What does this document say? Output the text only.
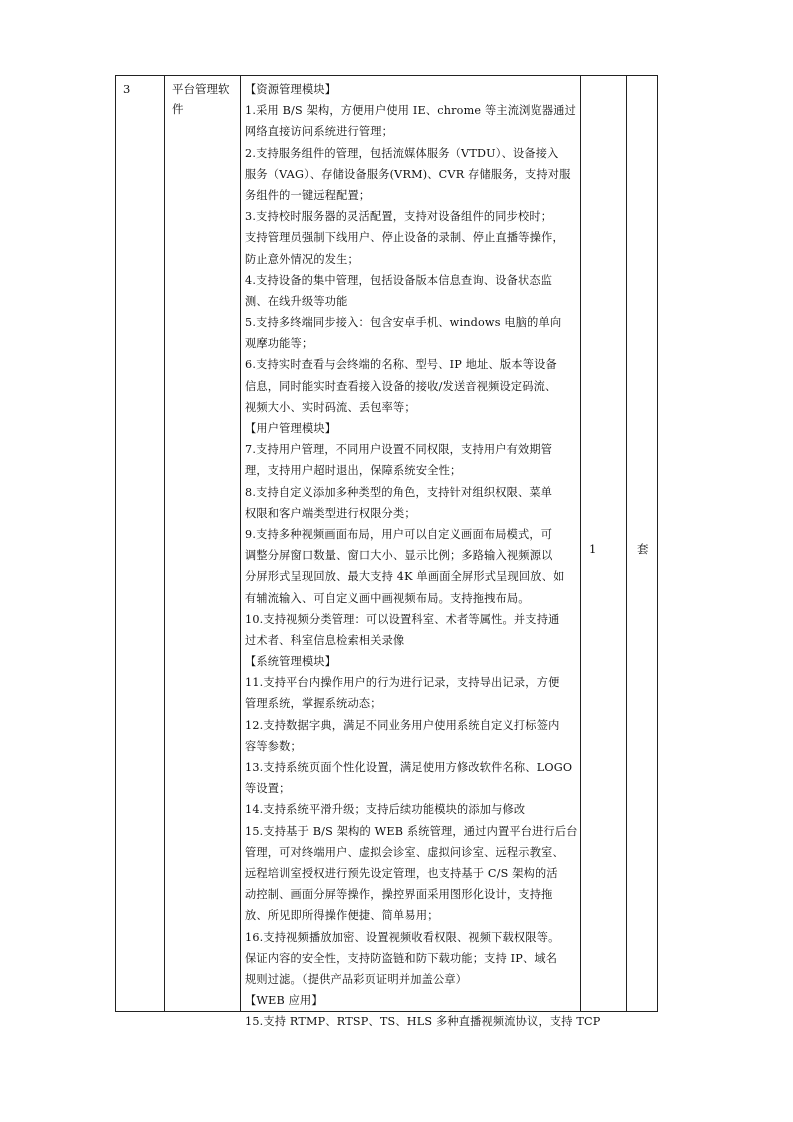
3	平台管理软件
【资源管理模块】
1.采用 B/S 架构，方便用户使用 IE、chrome 等主流浏览器通过
网络直接访问系统进行管理；
2.支持服务组件的管理，包括流媒体服务（VTDU）、设备接入
服务（VAG）、存储设备服务(VRM)、CVR 存储服务，支持对服
务组件的一键远程配置；
3.支持校时服务器的灵活配置，支持对设备组件的同步校时；
支持管理员强制下线用户、停止设备的录制、停止直播等操作，
防止意外情况的发生；
4.支持设备的集中管理，包括设备版本信息查询、设备状态监
测、在线升级等功能
5.支持多终端同步接入：包含安卓手机、windows 电脑的单向
观摩功能等；
6.支持实时查看与会终端的名称、型号、IP 地址、版本等设备
信息，同时能实时查看接入设备的接收/发送音视频设定码流、
视频大小、实时码流、丢包率等；
【用户管理模块】
7.支持用户管理，不同用户设置不同权限，支持用户有效期管
理，支持用户超时退出，保障系统安全性；
8.支持自定义添加多种类型的角色，支持针对组织权限、菜单
权限和客户端类型进行权限分类；
9.支持多种视频画面布局，用户可以自定义画面布局模式，可
调整分屏窗口数量、窗口大小、显示比例；多路输入视频源以
分屏形式呈现回放、最大支持 4K 单画面全屏形式呈现回放、如
有辅流输入、可自定义画中画视频布局。支持拖拽布局。
10.支持视频分类管理：可以设置科室、术者等属性。并支持通
过术者、科室信息检索相关录像
【系统管理模块】
11.支持平台内操作用户的行为进行记录，支持导出记录，方便
管理系统，掌握系统动态；
12.支持数据字典，满足不同业务用户使用系统自定义打标签内
容等参数；
13.支持系统页面个性化设置，满足使用方修改软件名称、LOGO
等设置；
14.支持系统平滑升级；支持后续功能模块的添加与修改
15.支持基于 B/S 架构的 WEB 系统管理，通过内置平台进行后台
管理，可对终端用户、虚拟会诊室、虚拟问诊室、远程示教室、
远程培训室授权进行预先设定管理，也支持基于 C/S 架构的活
动控制、画面分屏等操作，操控界面采用图形化设计，支持拖
放、所见即所得操作便捷、简单易用；
16.支持视频播放加密、设置视频收看权限、视频下载权限等。
保证内容的安全性，支持防盗链和防下载功能；支持 IP、域名
规则过滤。（提供产品彩页证明并加盖公章）
【WEB 应用】
15.支持 RTMP、RTSP、TS、HLS 多种直播视频流协议，支持 TCP
1	套
